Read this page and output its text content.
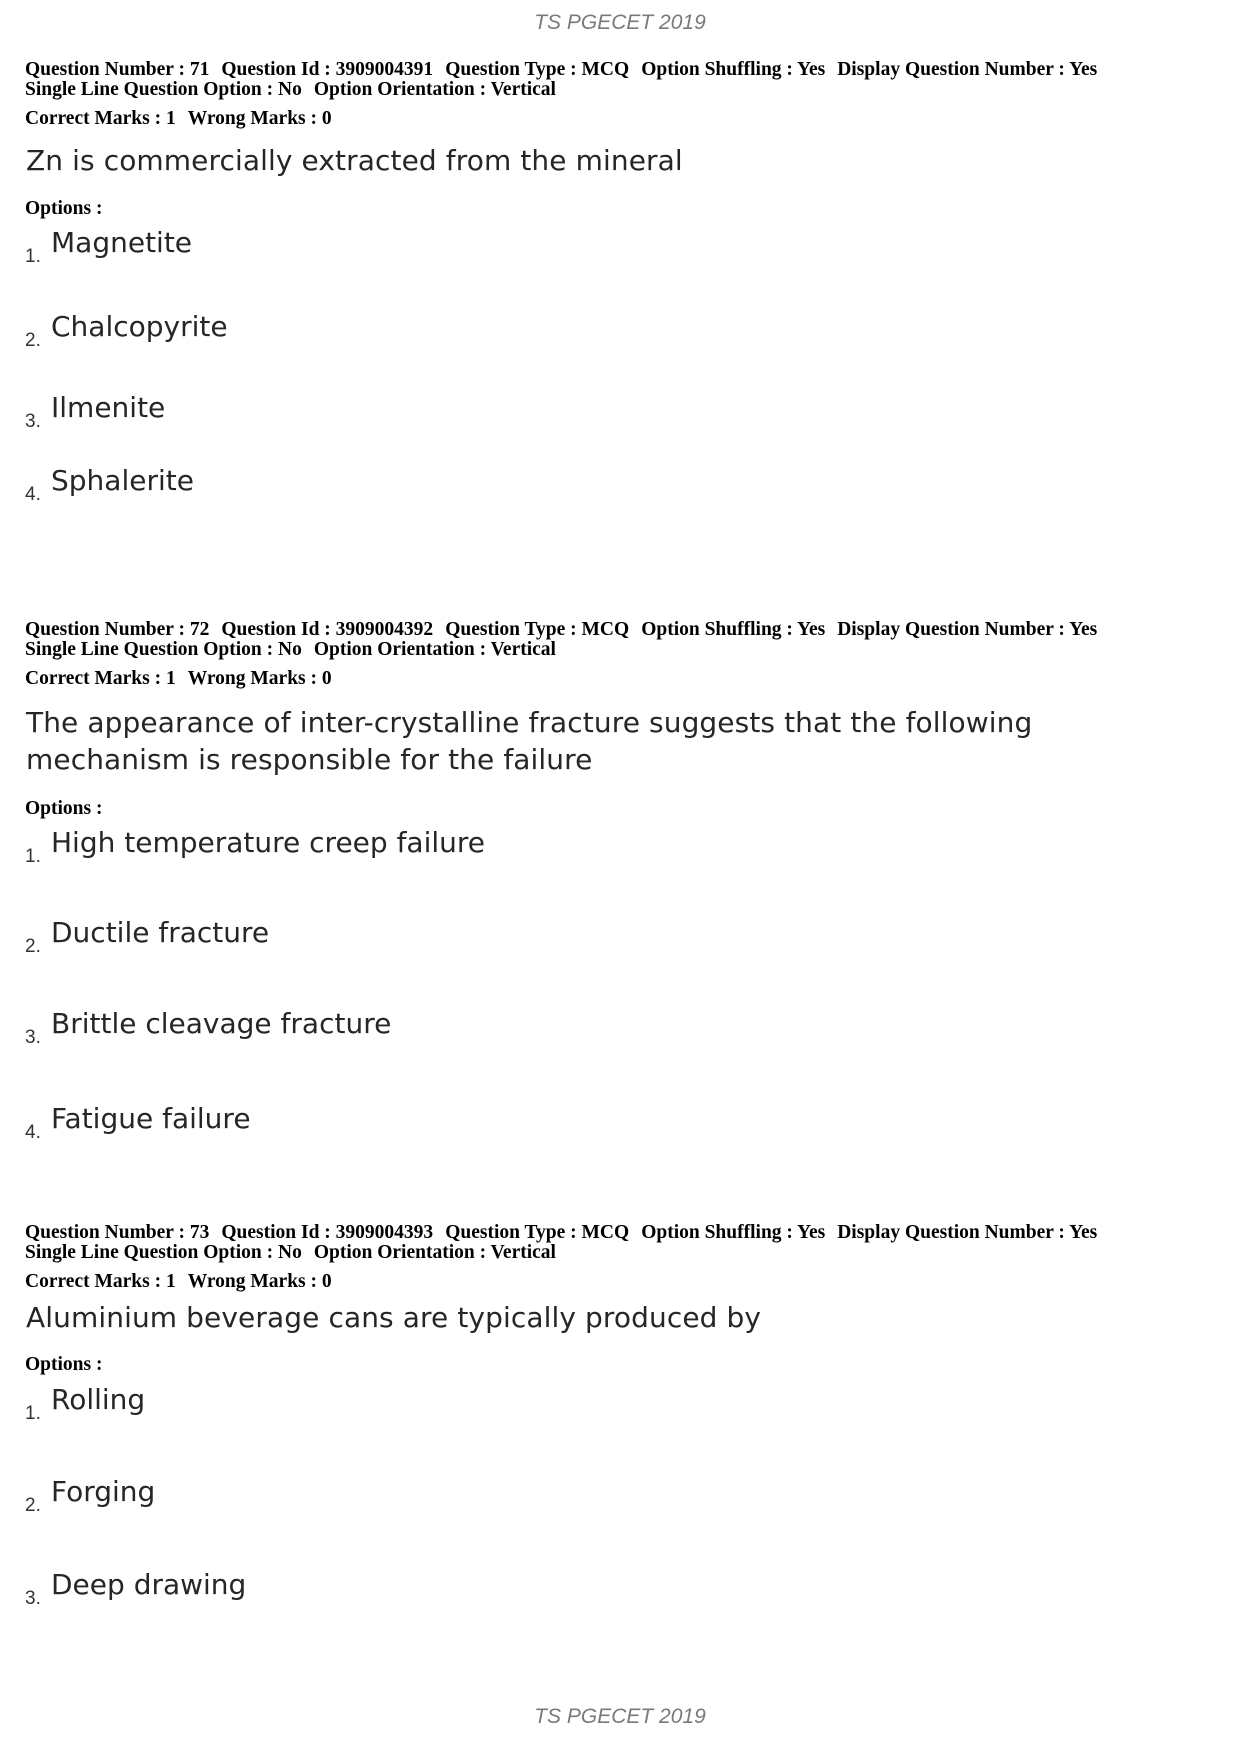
TS PGECET 2019
Question Number : 71 Question Id : 3909004391 Question Type : MCQ Option Shuffling : Yes Display Question Number : Yes
Single Line Question Option : No Option Orientation : Vertical
Correct Marks : 1 Wrong Marks : 0
Zn is commercially extracted from the mineral
Options :
1. Magnetite
2. Chalcopyrite
3. Ilmenite
4. Sphalerite
Question Number : 72 Question Id : 3909004392 Question Type : MCQ Option Shuffling : Yes Display Question Number : Yes
Single Line Question Option : No Option Orientation : Vertical
Correct Marks : 1 Wrong Marks : 0
The appearance of inter-crystalline fracture suggests that the following
mechanism is responsible for the failure
Options :
1. High temperature creep failure
2. Ductile fracture
3. Brittle cleavage fracture
4. Fatigue failure
Question Number : 73 Question Id : 3909004393 Question Type : MCQ Option Shuffling : Yes Display Question Number : Yes
Single Line Question Option : No Option Orientation : Vertical
Correct Marks : 1 Wrong Marks : 0
Aluminium beverage cans are typically produced by
Options :
1. Rolling
2. Forging
3. Deep drawing
TS PGECET 2019
